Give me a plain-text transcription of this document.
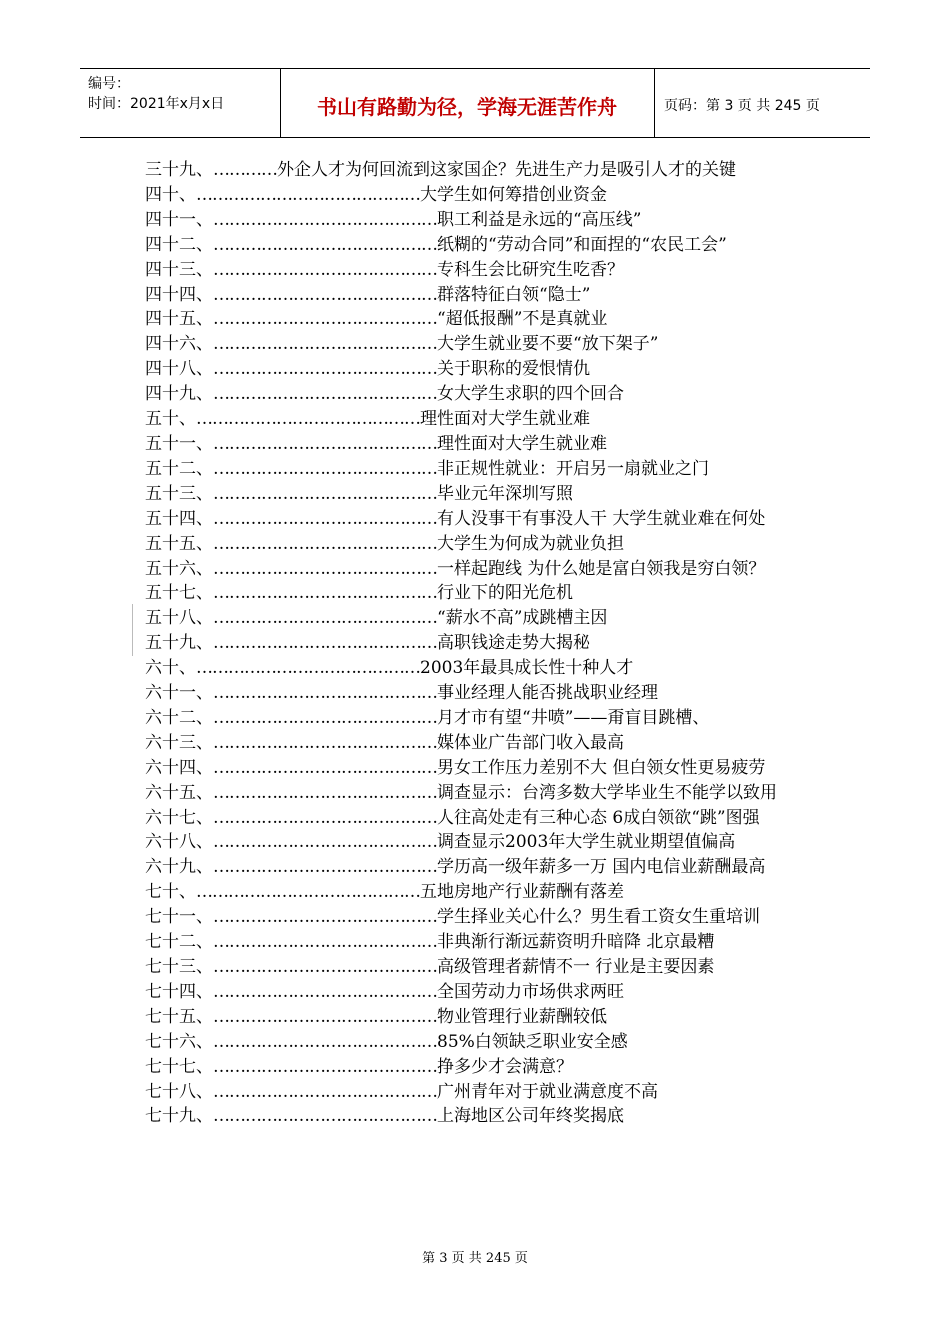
编号：
时间：2021年x月x日	书山有路勤为径，学海无涯苦作舟	页码：第 3 页 共 245 页
三十九、…………外企人才为何回流到这家国企？先进生产力是吸引人才的关键
四十、……………………………………大学生如何筹措创业资金
四十一、……………………………………职工利益是永远的“高压线”
四十二、……………………………………纸糊的“劳动合同”和面捏的“农民工会”
四十三、……………………………………专科生会比研究生吃香？
四十四、……………………………………群落特征白领“隐士”
四十五、……………………………………“超低报酬”不是真就业
四十六、……………………………………大学生就业要不要“放下架子”
四十八、……………………………………关于职称的爱恨情仇
四十九、……………………………………女大学生求职的四个回合
五十、……………………………………理性面对大学生就业难
五十一、……………………………………理性面对大学生就业难
五十二、……………………………………非正规性就业：开启另一扇就业之门
五十三、……………………………………毕业元年深圳写照
五十四、……………………………………有人没事干有事没人干 大学生就业难在何处
五十五、……………………………………大学生为何成为就业负担
五十六、……………………………………一样起跑线 为什么她是富白领我是穷白领？
五十七、……………………………………行业下的阳光危机
五十八、……………………………………“薪水不高”成跳槽主因
五十九、……………………………………高职钱途走势大揭秘
六十、……………………………………2003年最具成长性十种人才
六十一、……………………………………事业经理人能否挑战职业经理
六十二、……………………………………月才市有望“井喷”——甭盲目跳槽、
六十三、……………………………………媒体业广告部门收入最高
六十四、……………………………………男女工作压力差别不大 但白领女性更易疲劳
六十五、……………………………………调查显示：台湾多数大学毕业生不能学以致用
六十七、……………………………………人往高处走有三种心态 6成白领欲“跳”图强
六十八、……………………………………调查显示2003年大学生就业期望值偏高
六十九、……………………………………学历高一级年薪多一万 国内电信业薪酬最高
七十、……………………………………五地房地产行业薪酬有落差
七十一、……………………………………学生择业关心什么？男生看工资女生重培训
七十二、……………………………………非典渐行渐远薪资明升暗降 北京最糟
七十三、……………………………………高级管理者薪情不一 行业是主要因素
七十四、……………………………………全国劳动力市场供求两旺
七十五、……………………………………物业管理行业薪酬较低
七十六、……………………………………85%白领缺乏职业安全感
七十七、……………………………………挣多少才会满意？
七十八、……………………………………广州青年对于就业满意度不高
七十九、……………………………………上海地区公司年终奖揭底
第 3 页 共 245 页
